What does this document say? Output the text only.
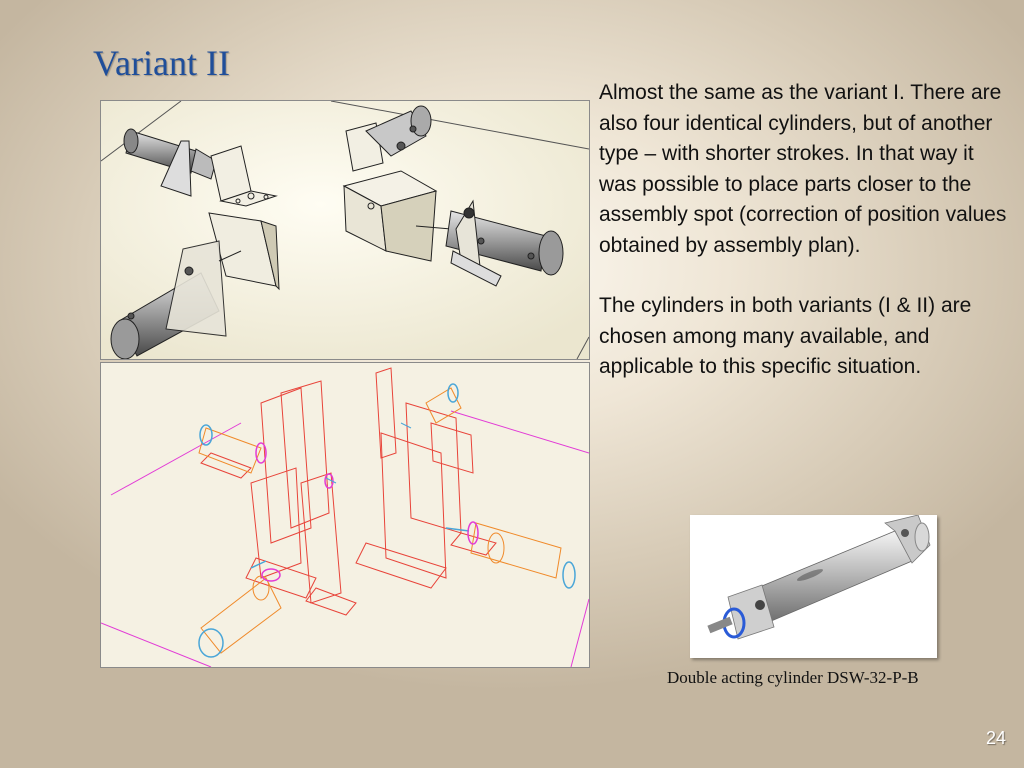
Variant II

Almost the same as the variant I. There are also four identical cylinders, but of another type – with shorter strokes. In that way it was possible to place parts closer to the assembly spot (correction of position values obtained by assembly plan).

The cylinders in both variants (I & II) are chosen among many available, and applicable to this specific situation.

Double acting cylinder DSW-32-P-B
24
